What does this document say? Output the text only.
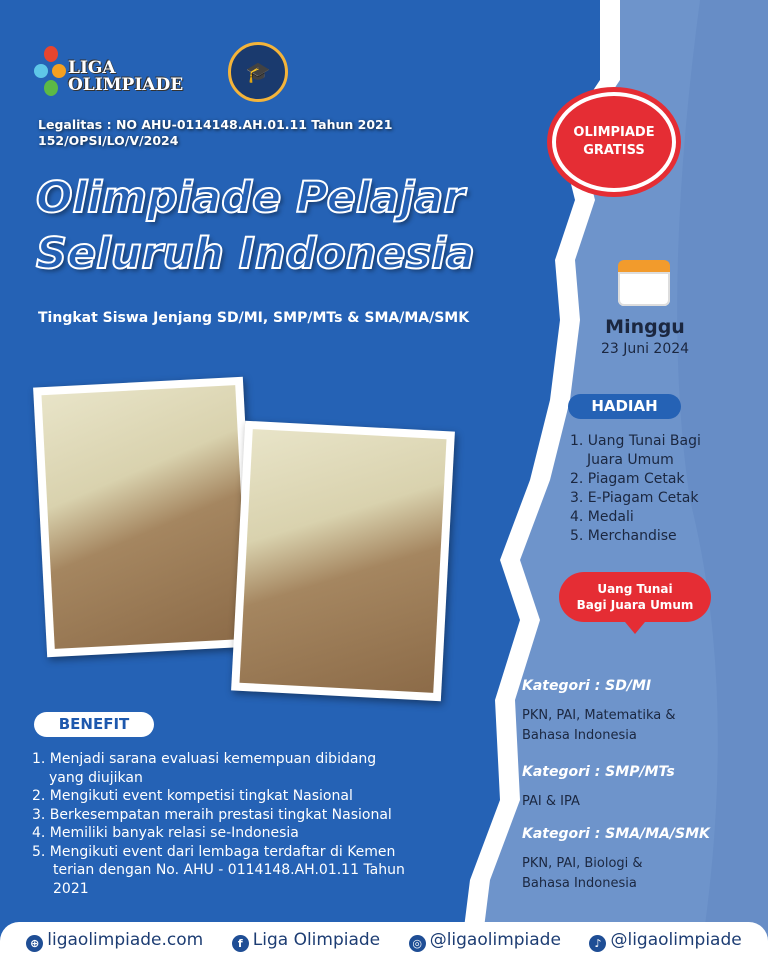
LIGA
OLIMPIADE
🎓
Legalitas : NO AHU-0114148.AH.01.11 Tahun 2021
152/OPSI/LO/V/2024
Olimpiade Pelajar
Seluruh Indonesia
Tingkat Siswa Jenjang SD/MI, SMP/MTs & SMA/MA/SMK
OLIMPIADE
GRATISS
Minggu
23 Juni 2024
HADIAH
1. Uang Tunai Bagi
Juara Umum
2. Piagam Cetak
3. E-Piagam Cetak
4. Medali
5. Merchandise
Uang Tunai
Bagi Juara Umum
BENEFIT
1. Menjadi sarana evaluasi kemempuan dibidang
yang diujikan
2. Mengikuti event kompetisi tingkat Nasional
3. Berkesempatan meraih prestasi tingkat Nasional
4. Memiliki banyak relasi se-Indonesia
5. Mengikuti event dari lembaga terdaftar di Kemen
terian dengan No. AHU - 0114148.AH.01.11 Tahun
2021
Kategori : SD/MI
PKN, PAI, Matematika &
Bahasa Indonesia
Kategori : SMP/MTs
PAI & IPA
Kategori : SMA/MA/SMK
PKN, PAI, Biologi &
Bahasa Indonesia
⊕ ligaolimpiade.com	f Liga Olimpiade	◎ @ligaolimpiade	♪ @ligaolimpiade
